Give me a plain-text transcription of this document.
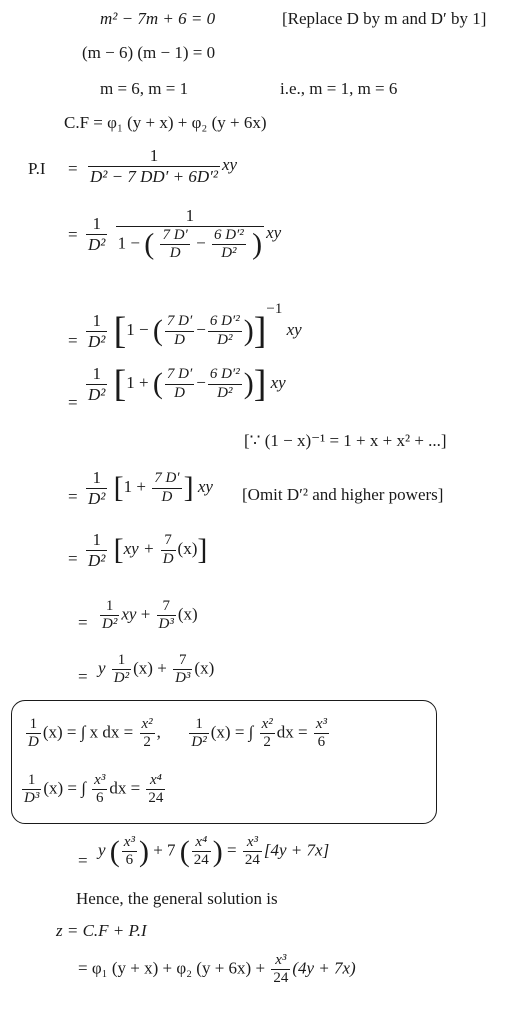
m² − 7m + 6 = 0	[Replace D by m and D′ by 1]
(m − 6) (m − 1) = 0
m = 6, m = 1	i.e., m = 1, m = 6
C.F = φ₁ (y + x) + φ₂ (y + 6x)
$P.I = \frac{1}{\text{D² − 7 DD′ + 6D′²}}$ xy
= $\frac{1}{\text{D²}}$
$\frac{1}{1 - ( \frac{7 D'}{D} - \frac{\text{6 D′²}}{\text{D²}} )}$ xy
= $\frac{1}{\text{D²}} [1$ − ( $\frac{7 D'}{D} - \frac{\text{6 D′²}}{\text{D²}} )]^{-1}$ xy
= $\frac{1}{\text{D²}} [1$ + ( $\frac{7 D'}{D} - \frac{\text{6 D′²}}{\text{D²}}$ )] xy
[∵ (1 − x)⁻¹ = 1 + x + x² + ...]
= $\frac{1}{\text{D²}} [1 + \frac{7 D'}{D}$ ] xy [Omit D′² and higher powers]
= $\frac{1}{\text{D²}} [xy + \frac{7}{D} (x)]$
= $\frac{1}{\text{D²}}$ xy + $\frac{7}{\text{D³}} (x)$
= y $\frac{1}{\text{D²}} (x) + \frac{7}{\text{D³}} (x)$
$\frac{1}{D} (x)$ = ∫ x dx = $\frac{\text{x²}}{2}$ , $\frac{1}{\text{D²}} (x)$ = ∫ $\frac{\text{x²}}{2}$ dx = $\frac{\text{x³}}{6}$
$\frac{1}{\text{D³}} (x)$ = ∫ $\frac{\text{x³}}{6}$ dx = $\frac{\text{x⁴}}{24}$
=
y ( $\frac{\text{x³}}{6}$ ) + 7 ( $\frac{\text{x⁴}}{24}$ ) = $\frac{\text{x³}}{24} [4y + 7x]$
Hence, the general solution is
z = C.F + P.I
= φ₁ (y + x) + φ₂ $(y + 6x) + \frac{\text{x³}}{24} (4y + 7x)$
